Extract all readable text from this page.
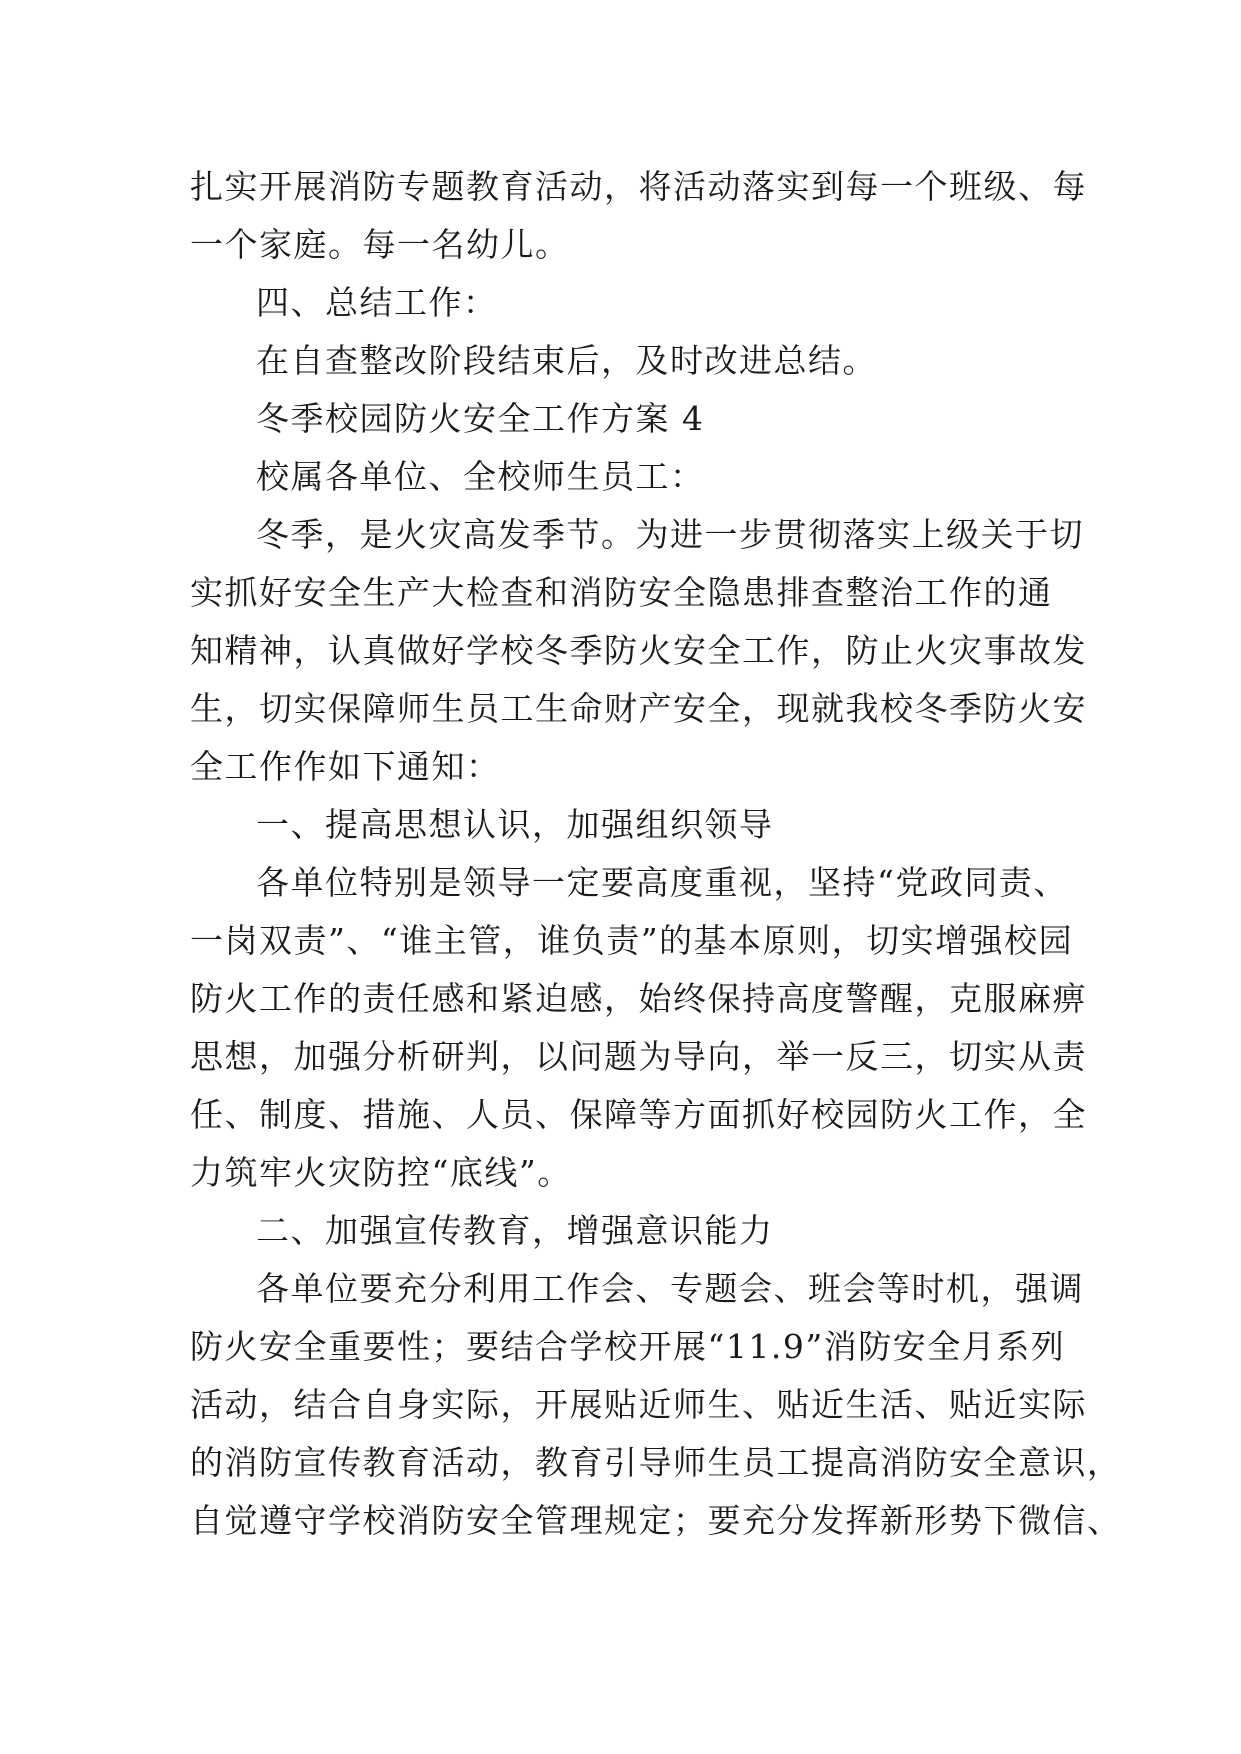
扎实开展消防专题教育活动，将活动落实到每一个班级、每
一个家庭。每一名幼儿。
四、总结工作：
在自查整改阶段结束后，及时改进总结。
冬季校园防火安全工作方案 4
校属各单位、全校师生员工：
冬季，是火灾高发季节。为进一步贯彻落实上级关于切
实抓好安全生产大检查和消防安全隐患排查整治工作的通
知精神，认真做好学校冬季防火安全工作，防止火灾事故发
生，切实保障师生员工生命财产安全，现就我校冬季防火安
全工作作如下通知：
一、提高思想认识，加强组织领导
各单位特别是领导一定要高度重视，坚持“党政同责、
一岗双责”、“谁主管，谁负责”的基本原则，切实增强校园
防火工作的责任感和紧迫感，始终保持高度警醒，克服麻痹
思想，加强分析研判，以问题为导向，举一反三，切实从责
任、制度、措施、人员、保障等方面抓好校园防火工作，全
力筑牢火灾防控“底线”。
二、加强宣传教育，增强意识能力
各单位要充分利用工作会、专题会、班会等时机，强调
防火安全重要性；要结合学校开展“11.9”消防安全月系列
活动，结合自身实际，开展贴近师生、贴近生活、贴近实际
的消防宣传教育活动，教育引导师生员工提高消防安全意识，
自觉遵守学校消防安全管理规定；要充分发挥新形势下微信、
